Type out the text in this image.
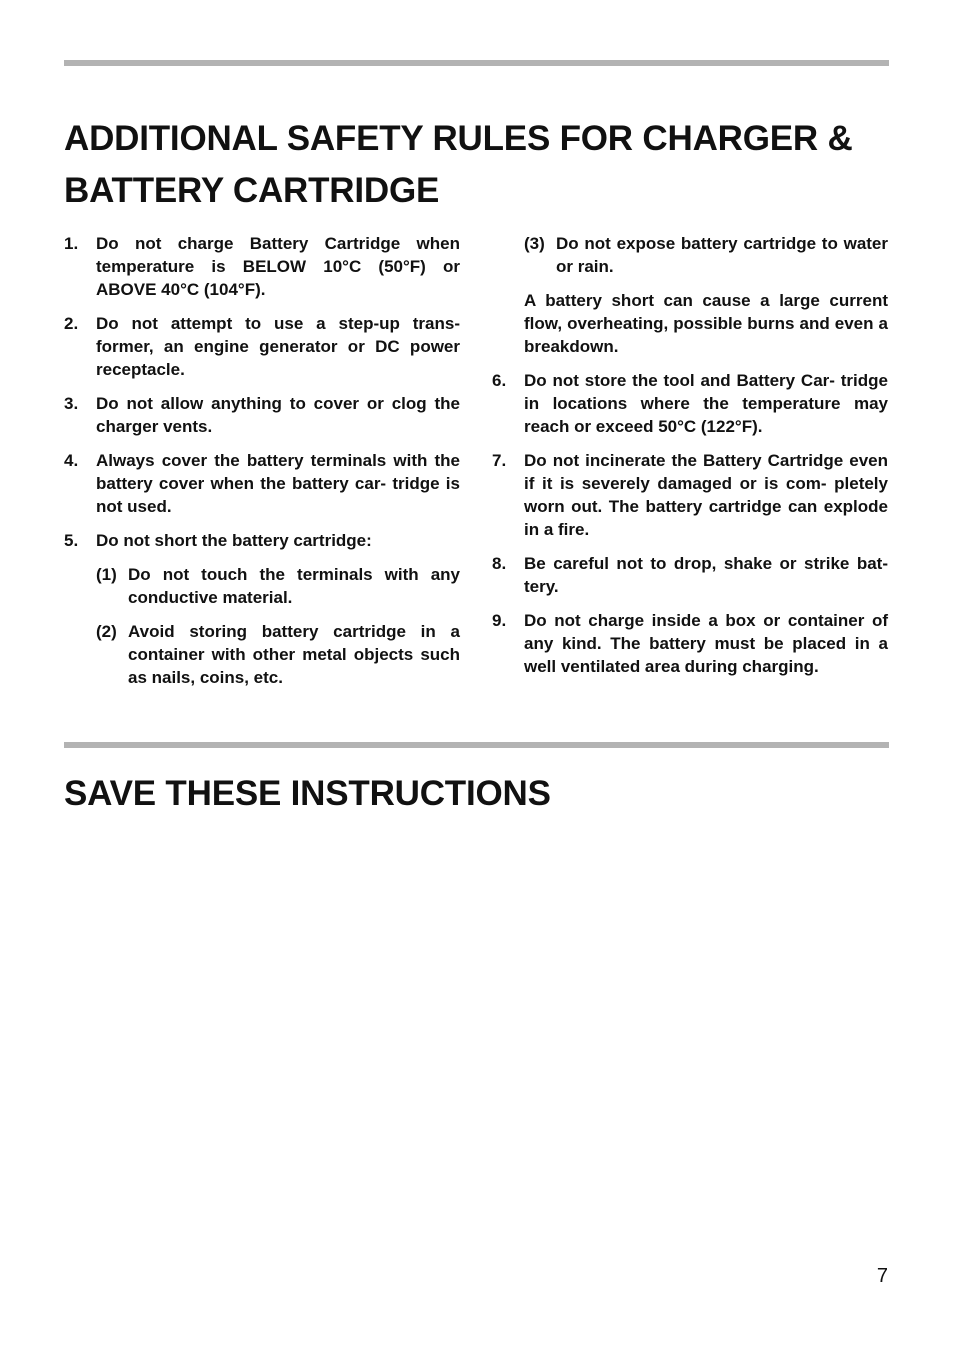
ADDITIONAL SAFETY RULES FOR CHARGER &
BATTERY CARTRIDGE
1. Do not charge Battery Cartridge when temperature is BELOW 10°C (50°F) or ABOVE 40°C (104°F).
2. Do not attempt to use a step-up trans- former, an engine generator or DC power receptacle.
3. Do not allow anything to cover or clog the charger vents.
4. Always cover the battery terminals with the battery cover when the battery car- tridge is not used.
5. Do not short the battery cartridge:
(1) Do not touch the terminals with any conductive material.
(2) Avoid storing battery cartridge in a container with other metal objects such as nails, coins, etc.
(3) Do not expose battery cartridge to water or rain.
A battery short can cause a large current flow, overheating, possible burns and even a breakdown.
6. Do not store the tool and Battery Car- tridge in locations where the temperature may reach or exceed 50°C (122°F).
7. Do not incinerate the Battery Cartridge even if it is severely damaged or is com- pletely worn out. The battery cartridge can explode in a fire.
8. Be careful not to drop, shake or strike bat- tery.
9. Do not charge inside a box or container of any kind. The battery must be placed in a well ventilated area during charging.
SAVE THESE INSTRUCTIONS
7
